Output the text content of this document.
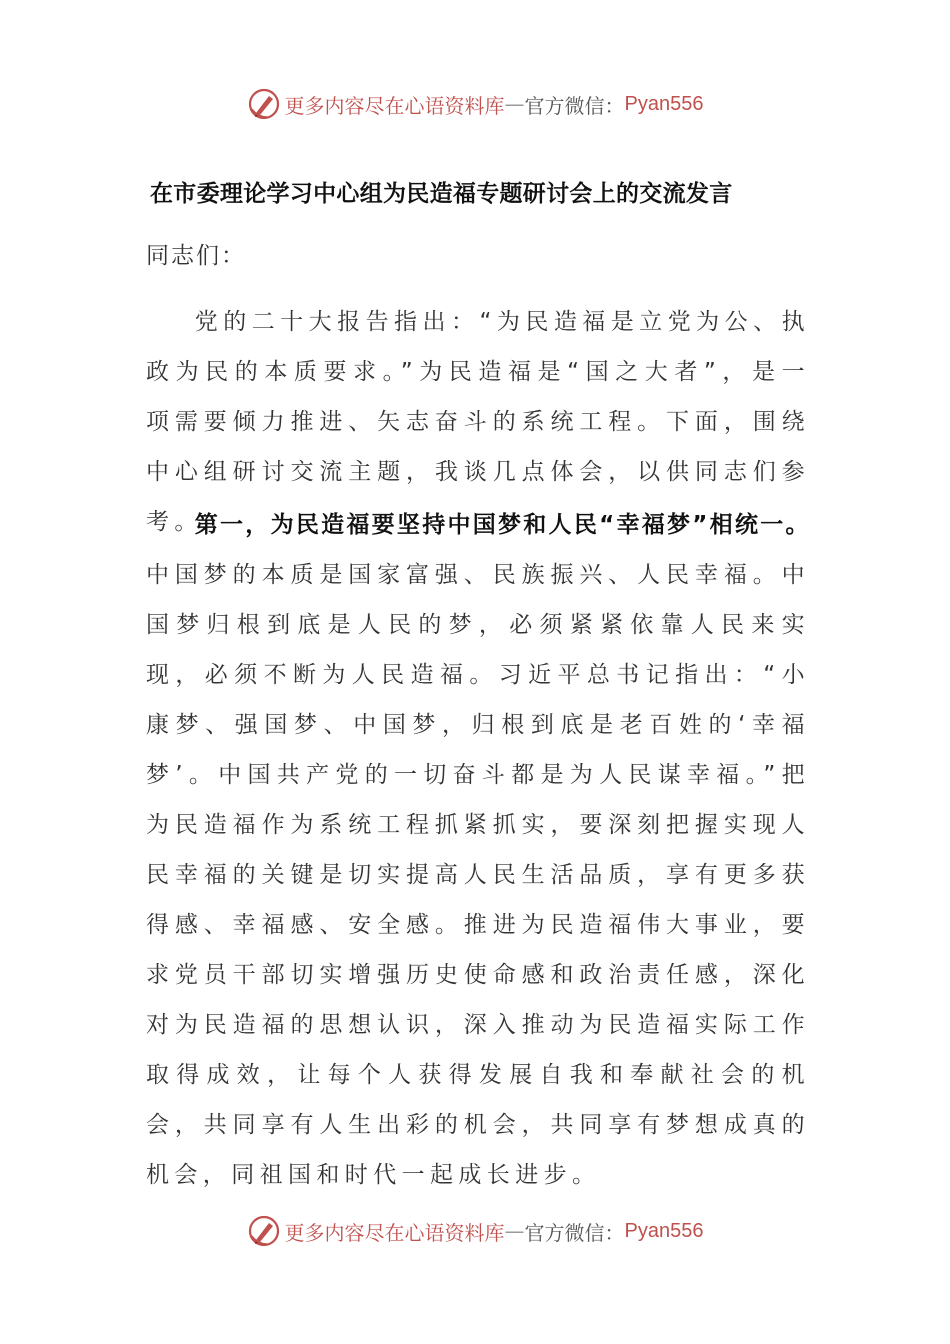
更多内容尽在心语资料库 — 官方微信： Pyan556
在市委理论学习中心组为民造福专题研讨会上的交流发言
同志们：
党的二十大报告指出：“为民造福是立党为公、执政为民的本质要求。”为民造福是“国之大者”，是一项需要倾力推进、矢志奋斗的系统工程。下面，围绕中心组研讨交流主题，我谈几点体会，以供同志们参考。
第一，为民造福要坚持中国梦和人民“幸福梦”相统一。中国梦的本质是国家富强、民族振兴、人民幸福。中国梦归根到底是人民的梦，必须紧紧依靠人民来实现，必须不断为人民造福。习近平总书记指出：“小康梦、强国梦、中国梦，归根到底是老百姓的‘幸福梦’。中国共产党的一切奋斗都是为人民谋幸福。”把为民造福作为系统工程抓紧抓实，要深刻把握实现人民幸福的关键是切实提高人民生活品质，享有更多获得感、幸福感、安全感。推进为民造福伟大事业，要求党员干部切实增强历史使命感和政治责任感，深化对为民造福的思想认识，深入推动为民造福实际工作取得成效，让每个人获得发展自我和奉献社会的机会，共同享有人生出彩的机会，共同享有梦想成真的机会，同祖国和时代一起成长进步。
更多内容尽在心语资料库 — 官方微信： Pyan556
